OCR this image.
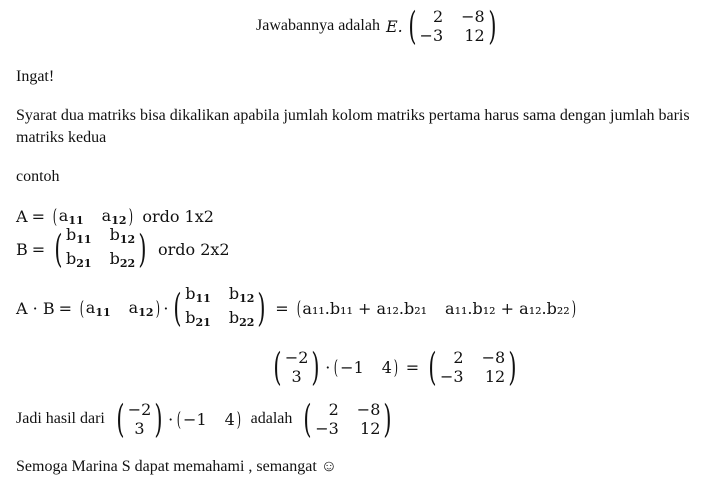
Jawabannya adalah E. (	2 −8
−3 12 )
Ingat!
Syarat dua matriks bisa dikalikan apabila jumlah kolom matriks pertama harus sama dengan jumlah baris matriks kedua
contoh
A = ( $a_{11}$ $a_{12}$ ) ordo 1x2
B = ( $b_{11}$ $b_{12}$
$b_{21}$ $b_{22}$ ) ordo 2x2
A · B = ( $a_{11}$ $a_{12}$ ) · ( $b_{11}$ $b_{12}$
$b_{21}$ $b_{22}$ ) = ( a₁₁.b₁₁ + a₁₂.b₂₁ a₁₁.b₁₂ + a₁₂.b₂₂ )
( −2
3 ) · ( −1 4 ) = (	2 −8
−3 12 )
Jadi hasil dari ( −2
3 ) · ( −1 4 ) adalah (	2 −8
−3 12 )
Semoga Marina S dapat memahami , semangat ☺
